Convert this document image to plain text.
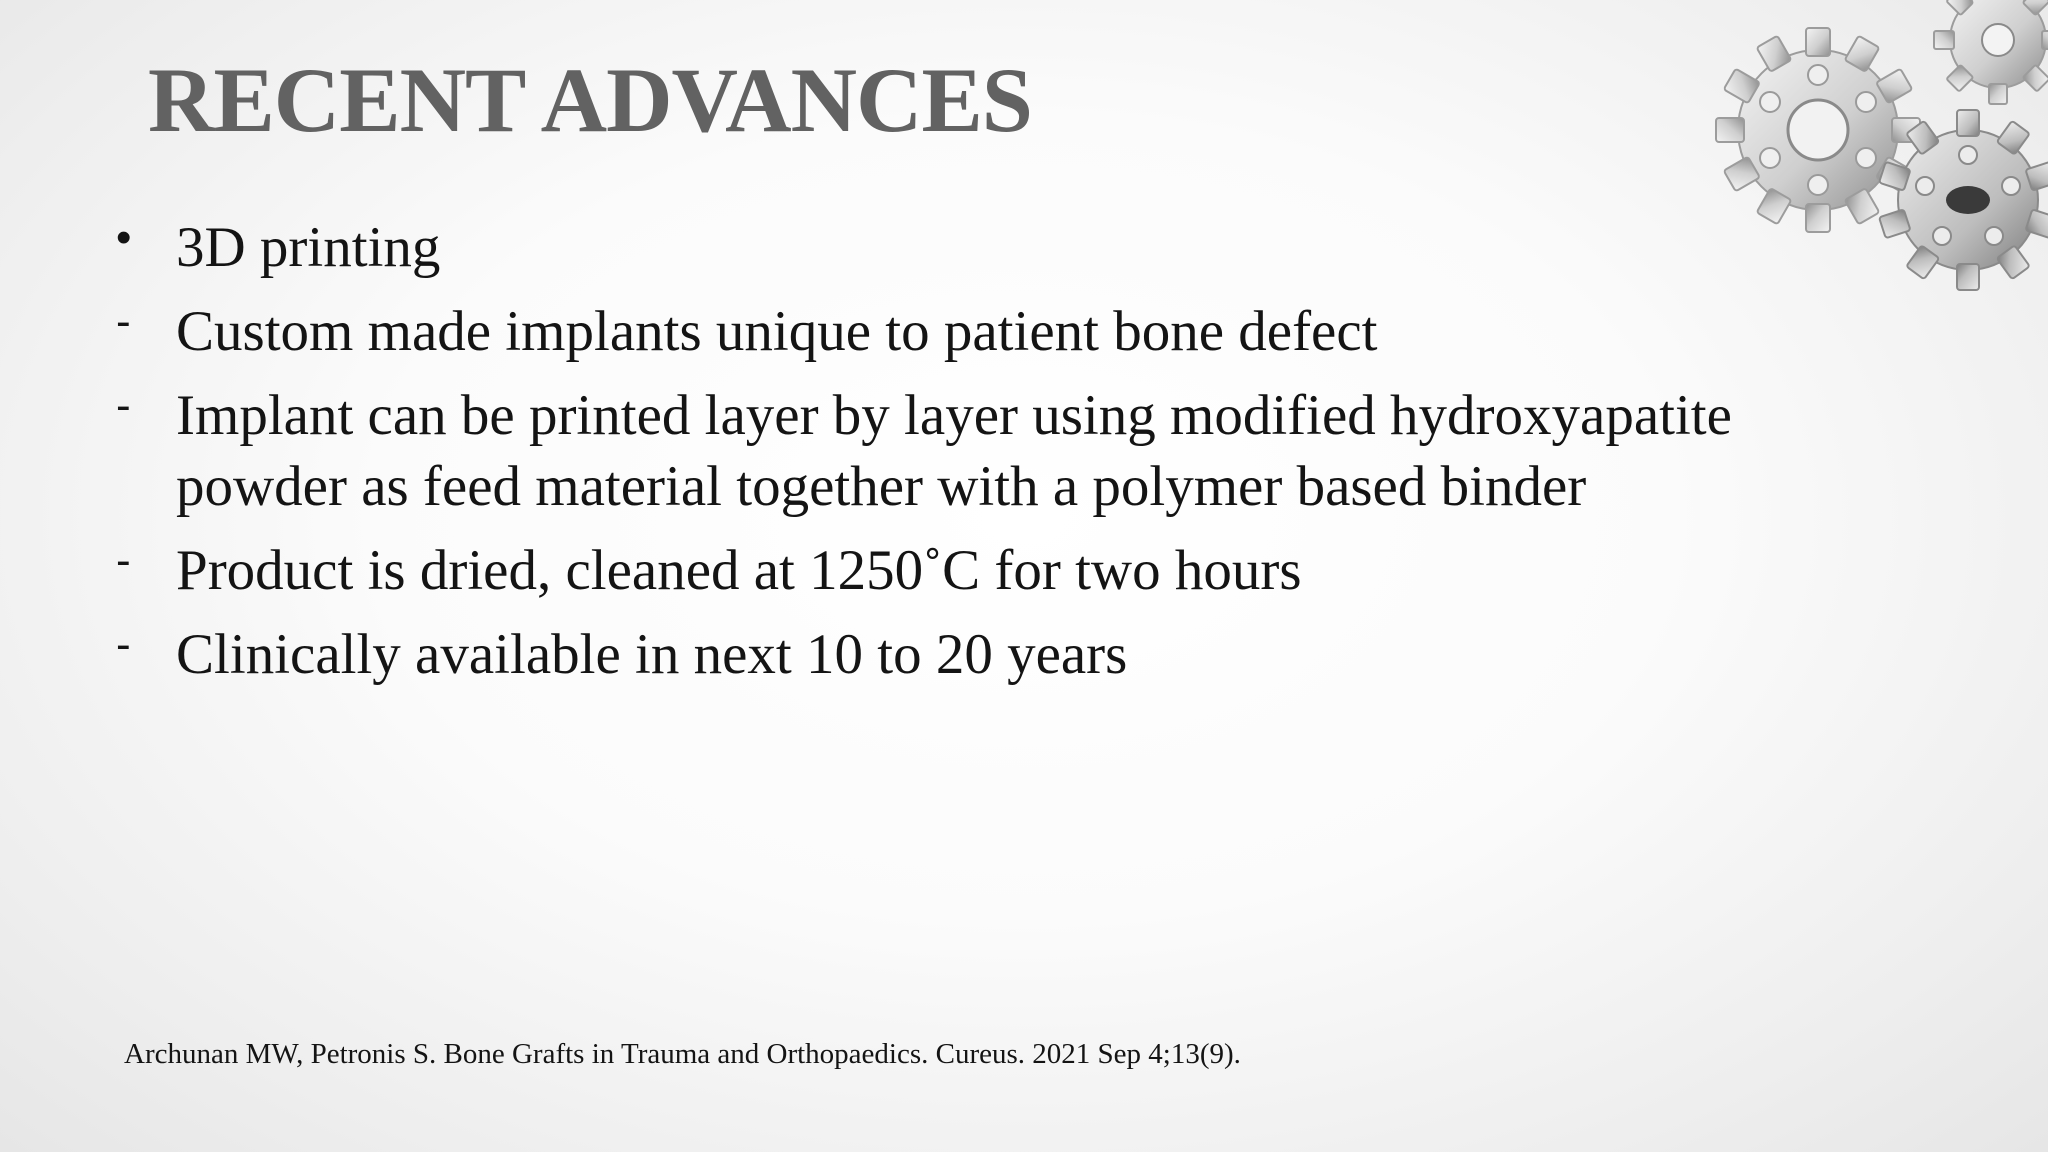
RECENT ADVANCES
• 3D printing
- Custom made implants unique to patient bone defect
- Implant can be printed layer by layer using modified hydroxyapatite powder as feed material together with a polymer based binder
- Product is dried, cleaned at 1250˚C for two hours
- Clinically available in next 10 to 20 years
Archunan MW, Petronis S. Bone Grafts in Trauma and Orthopaedics. Cureus. 2021 Sep 4;13(9).
